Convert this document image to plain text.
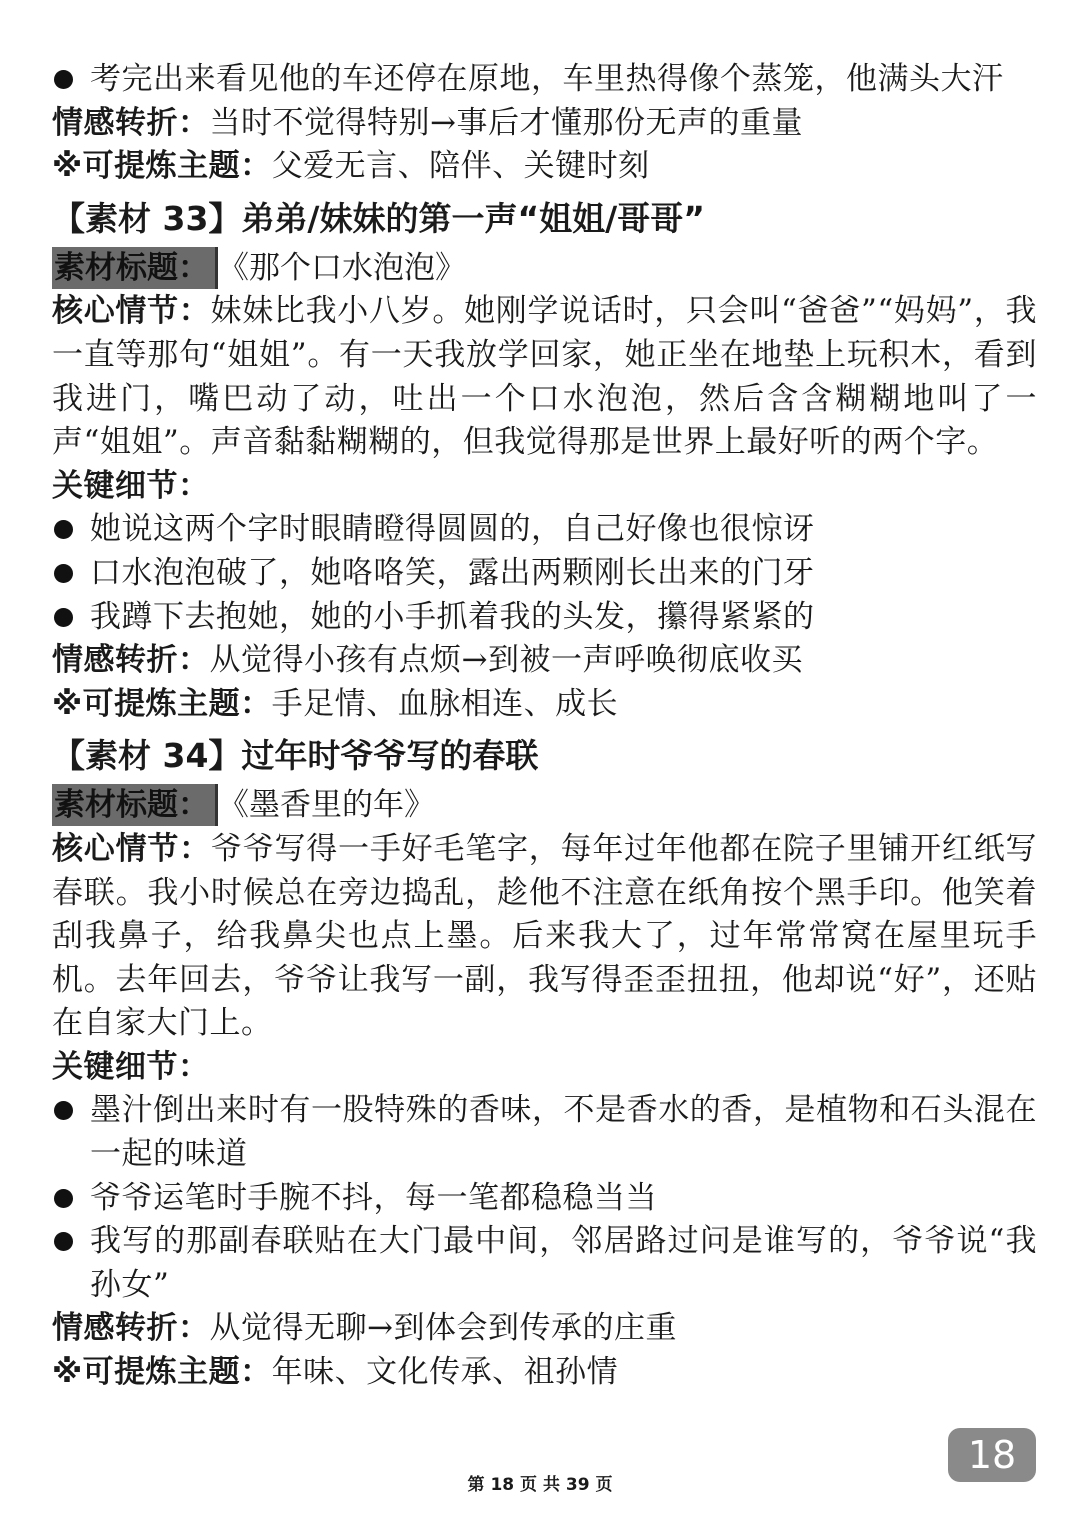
考完出来看见他的车还停在原地，车里热得像个蒸笼，他满头大汗
情感转折：当时不觉得特别→事后才懂那份无声的重量
※可提炼主题：父爱无言、陪伴、关键时刻
【素材 33】弟弟/妹妹的第一声“姐姐/哥哥”
素材标题： 《那个口水泡泡》
核心情节：妹妹比我小八岁。她刚学说话时，只会叫“爸爸”“妈妈”，我一直等那句“姐姐”。有一天我放学回家，她正坐在地垫上玩积木，看到我进门，嘴巴动了动，吐出一个口水泡泡，然后含含糊糊地叫了一声“姐姐”。声音黏黏糊糊的，但我觉得那是世界上最好听的两个字。
关键细节：
她说这两个字时眼睛瞪得圆圆的，自己好像也很惊讶
口水泡泡破了，她咯咯笑，露出两颗刚长出来的门牙
我蹲下去抱她，她的小手抓着我的头发，攥得紧紧的
情感转折：从觉得小孩有点烦→到被一声呼唤彻底收买
※可提炼主题：手足情、血脉相连、成长
【素材 34】过年时爷爷写的春联
素材标题： 《墨香里的年》
核心情节：爷爷写得一手好毛笔字，每年过年他都在院子里铺开红纸写春联。我小时候总在旁边捣乱，趁他不注意在纸角按个黑手印。他笑着刮我鼻子，给我鼻尖也点上墨。后来我大了，过年常常窝在屋里玩手机。去年回去，爷爷让我写一副，我写得歪歪扭扭，他却说“好”，还贴在自家大门上。
关键细节：
墨汁倒出来时有一股特殊的香味，不是香水的香，是植物和石头混在一起的味道
爷爷运笔时手腕不抖，每一笔都稳稳当当
我写的那副春联贴在大门最中间，邻居路过问是谁写的，爷爷说“我孙女”
情感转折：从觉得无聊→到体会到传承的庄重
※可提炼主题：年味、文化传承、祖孙情
18
第 18 页 共 39 页
